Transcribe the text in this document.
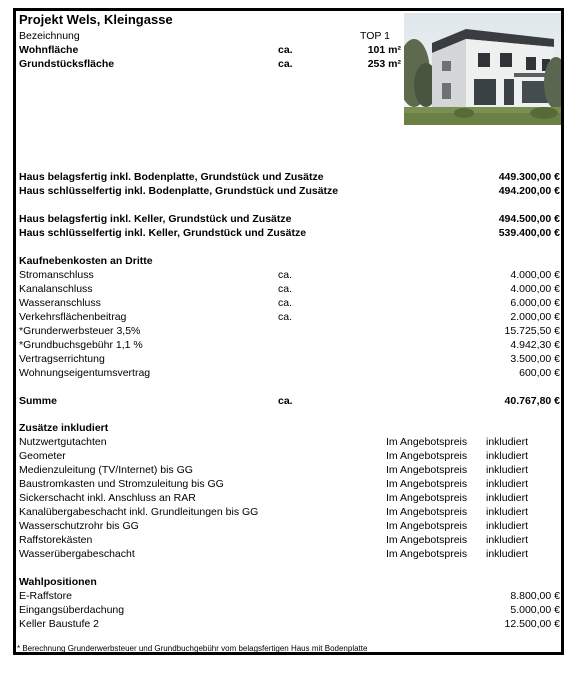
Projekt Wels, Kleingasse
Bezeichnung	TOP 1
Wohnfläche	ca.	101 m²
Grundstücksfläche	ca.	253 m²
Haus belagsfertig inkl. Bodenplatte, Grundstück und Zusätze	449.300,00 €
Haus schlüsselfertig inkl. Bodenplatte, Grundstück und Zusätze	494.200,00 €
Haus belagsfertig inkl. Keller, Grundstück und Zusätze	494.500,00 €
Haus schlüsselfertig inkl. Keller, Grundstück und Zusätze	539.400,00 €
Kaufnebenkosten an Dritte
Stromanschluss	ca.	4.000,00 €
Kanalanschluss	ca.	4.000,00 €
Wasseranschluss	ca.	6.000,00 €
Verkehrsflächenbeitrag	ca.	2.000,00 €
*Grunderwerbsteuer 3,5%	15.725,50 €
*Grundbuchsgebühr 1,1 %	4.942,30 €
Vertragserrichtung	3.500,00 €
Wohnungseigentumsvertrag	600,00 €
Summe	ca.	40.767,80 €
Zusätze inkludiert
Nutzwertgutachten	Im Angebotspreis inkludiert
Geometer	Im Angebotspreis inkludiert
Medienzuleitung (TV/Internet) bis GG	Im Angebotspreis inkludiert
Baustromkasten und Stromzuleitung bis GG	Im Angebotspreis inkludiert
Sickerschacht inkl. Anschluss an RAR	Im Angebotspreis inkludiert
Kanalübergabeschacht inkl. Grundleitungen bis GG	Im Angebotspreis inkludiert
Wasserschutzrohr bis GG	Im Angebotspreis inkludiert
Raffstorekästen	Im Angebotspreis inkludiert
Wasserübergabeschacht	Im Angebotspreis inkludiert
Wahlpositionen
E-Raffstore	8.800,00 €
Eingangsüberdachung	5.000,00 €
Keller Baustufe 2	12.500,00 €
* Berechnung Grunderwerbsteuer und Grundbuchgebühr vom belagsfertigen Haus mit Bodenplatte
